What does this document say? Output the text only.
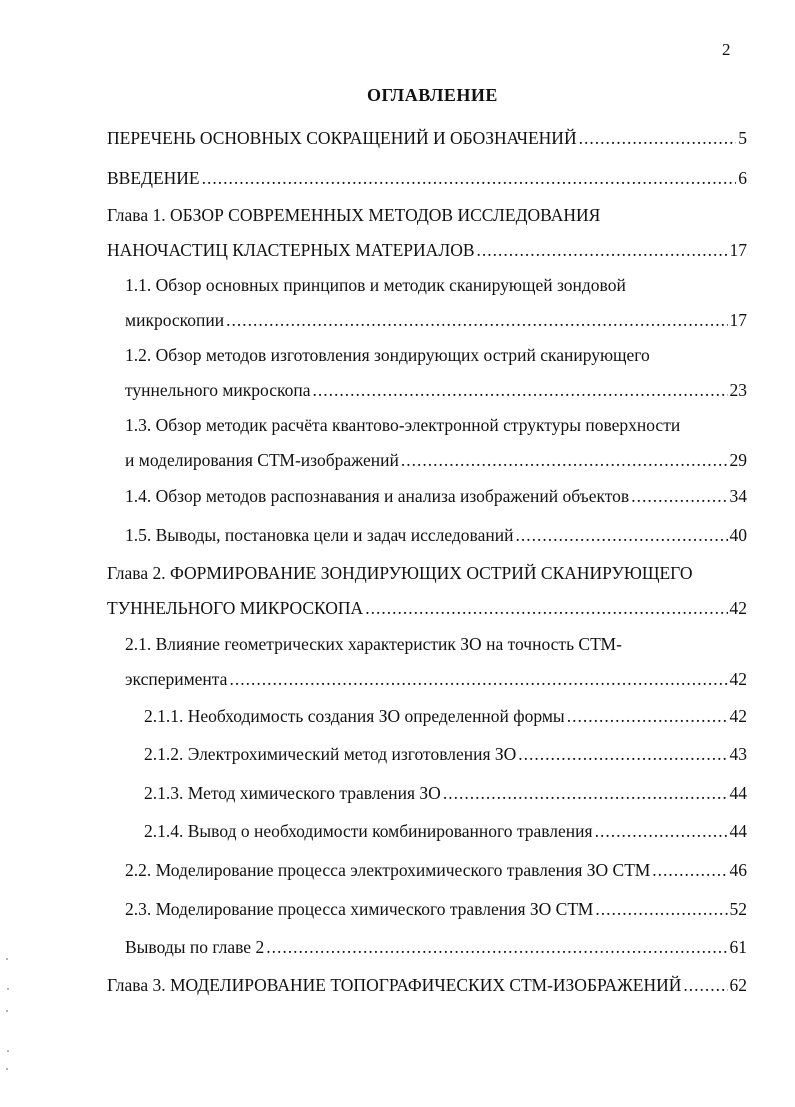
2
ОГЛАВЛЕНИЕ
ПЕРЕЧЕНЬ ОСНОВНЫХ СОКРАЩЕНИЙ И ОБОЗНАЧЕНИЙ .....	5
ВВЕДЕНИЕ .....	6
Глава 1. ОБЗОР СОВРЕМЕННЫХ МЕТОДОВ ИССЛЕДОВАНИЯ
НАНОЧАСТИЦ КЛАСТЕРНЫХ МАТЕРИАЛОВ .....	17
1.1. Обзор основных принципов и методик сканирующей зондовой
микроскопии .....	17
1.2. Обзор методов изготовления зондирующих острий сканирующего
туннельного микроскопа .....	23
1.3. Обзор методик расчёта квантово-электронной структуры поверхности
и моделирования СТМ-изображений .....	29
1.4. Обзор методов распознавания и анализа изображений объектов .....	34
1.5. Выводы, постановка цели и задач исследований .....	40
Глава 2. ФОРМИРОВАНИЕ ЗОНДИРУЮЩИХ ОСТРИЙ СКАНИРУЮЩЕГО
ТУННЕЛЬНОГО МИКРОСКОПА .....	42
2.1. Влияние геометрических характеристик ЗО на точность СТМ-
эксперимента .....	42
2.1.1. Необходимость создания ЗО определенной формы .....	42
2.1.2. Электрохимический метод изготовления ЗО .....	43
2.1.3. Метод химического травления ЗО .....	44
2.1.4. Вывод о необходимости комбинированного травления .....	44
2.2. Моделирование процесса электрохимического травления ЗО СТМ .....	46
2.3. Моделирование процесса химического травления ЗО СТМ .....	52
Выводы по главе 2 .....	61
Глава 3. МОДЕЛИРОВАНИЕ ТОПОГРАФИЧЕСКИХ СТМ-ИЗОБРАЖЕНИЙ .....	62
